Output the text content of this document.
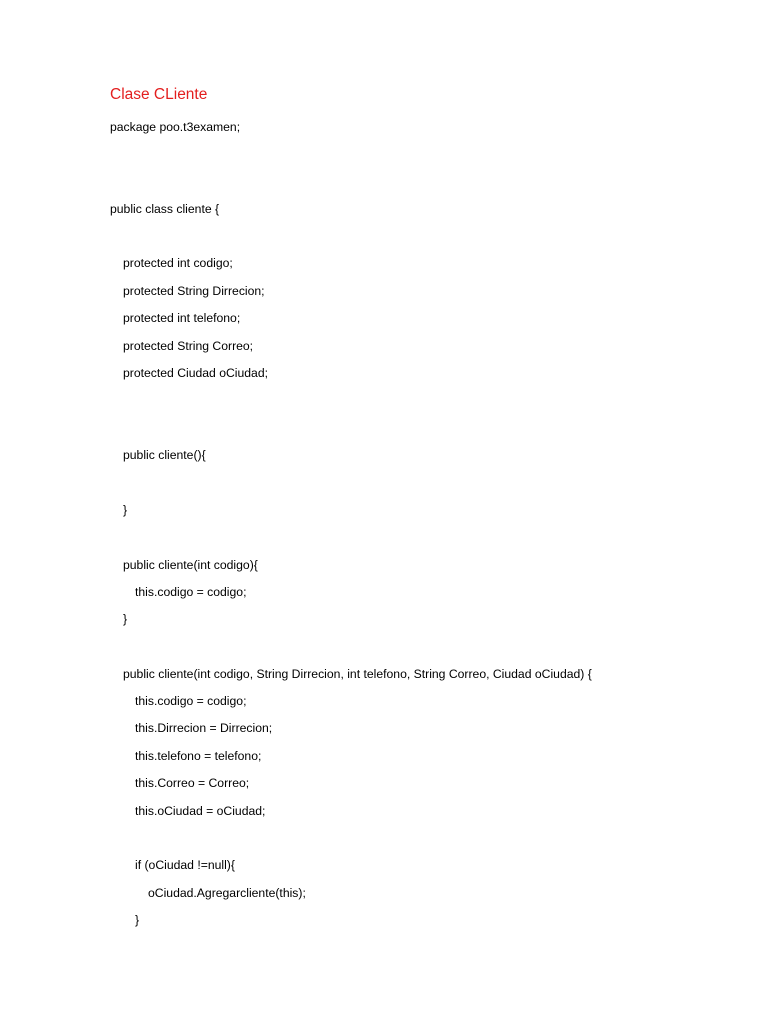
Clase CLiente
package poo.t3examen;
public class cliente {
protected int codigo;
protected String Dirrecion;
protected int telefono;
protected String Correo;
protected Ciudad oCiudad;
public cliente(){
}
public cliente(int codigo){
this.codigo = codigo;
}
public cliente(int codigo, String Dirrecion, int telefono, String Correo, Ciudad oCiudad) {
this.codigo = codigo;
this.Dirrecion = Dirrecion;
this.telefono = telefono;
this.Correo = Correo;
this.oCiudad = oCiudad;
if (oCiudad !=null){
oCiudad.Agregarcliente(this);
}
